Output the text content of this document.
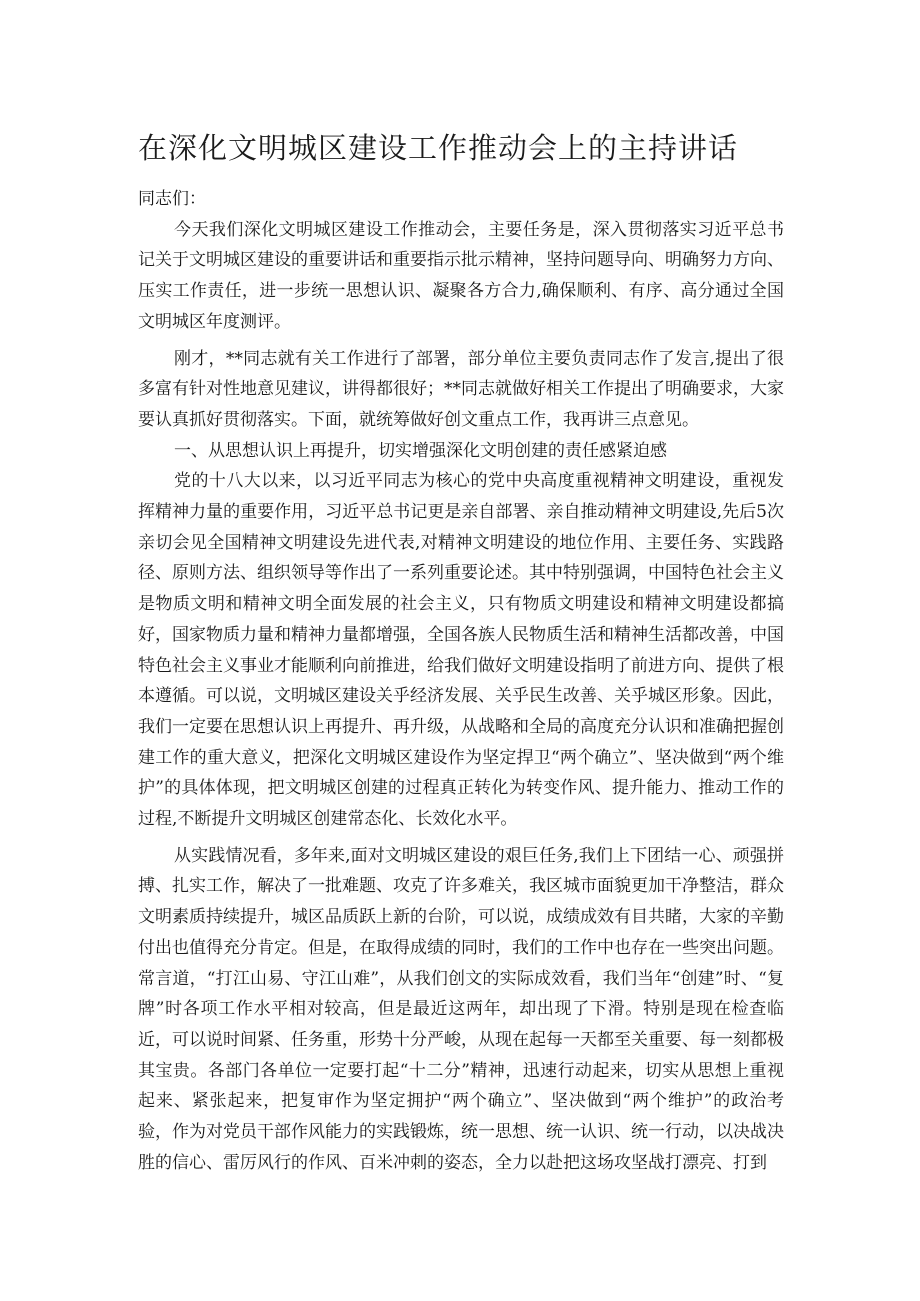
在深化文明城区建设工作推动会上的主持讲话

同志们：

今天我们深化文明城区建设工作推动会，主要任务是，深入贯彻落实习近平总书记关于文明城区建设的重要讲话和重要指示批示精神，坚持问题导向、明确努力方向、压实工作责任，进一步统一思想认识、凝聚各方合力,确保顺利、有序、高分通过全国文明城区年度测评。

刚才，**同志就有关工作进行了部署，部分单位主要负责同志作了发言,提出了很多富有针对性地意见建议，讲得都很好；**同志就做好相关工作提出了明确要求，大家要认真抓好贯彻落实。下面，就统筹做好创文重点工作，我再讲三点意见。

一、从思想认识上再提升，切实增强深化文明创建的责任感紧迫感

党的十八大以来，以习近平同志为核心的党中央高度重视精神文明建设，重视发挥精神力量的重要作用，习近平总书记更是亲自部署、亲自推动精神文明建设,先后5次亲切会见全国精神文明建设先进代表,对精神文明建设的地位作用、主要任务、实践路径、原则方法、组织领导等作出了一系列重要论述。其中特别强调，中国特色社会主义是物质文明和精神文明全面发展的社会主义，只有物质文明建设和精神文明建设都搞好，国家物质力量和精神力量都增强，全国各族人民物质生活和精神生活都改善，中国特色社会主义事业才能顺利向前推进，给我们做好文明建设指明了前进方向、提供了根本遵循。可以说，文明城区建设关乎经济发展、关乎民生改善、关乎城区形象。因此，我们一定要在思想认识上再提升、再升级，从战略和全局的高度充分认识和准确把握创建工作的重大意义，把深化文明城区建设作为坚定捍卫“两个确立”、坚决做到“两个维护”的具体体现，把文明城区创建的过程真正转化为转变作风、提升能力、推动工作的过程,不断提升文明城区创建常态化、长效化水平。

从实践情况看，多年来,面对文明城区建设的艰巨任务,我们上下团结一心、顽强拼搏、扎实工作，解决了一批难题、攻克了许多难关，我区城市面貌更加干净整洁，群众文明素质持续提升，城区品质跃上新的台阶，可以说，成绩成效有目共睹，大家的辛勤付出也值得充分肯定。但是，在取得成绩的同时，我们的工作中也存在一些突出问题。常言道，“打江山易、守江山难”，从我们创文的实际成效看，我们当年“创建”时、“复牌”时各项工作水平相对较高，但是最近这两年，却出现了下滑。特别是现在检查临近，可以说时间紧、任务重，形势十分严峻，从现在起每一天都至关重要、每一刻都极其宝贵。各部门各单位一定要打起“十二分”精神，迅速行动起来，切实从思想上重视起来、紧张起来，把复审作为坚定拥护“两个确立”、坚决做到“两个维护”的政治考验，作为对党员干部作风能力的实践锻炼，统一思想、统一认识、统一行动，以决战决胜的信心、雷厉风行的作风、百米冲刺的姿态，全力以赴把这场攻坚战打漂亮、打到
